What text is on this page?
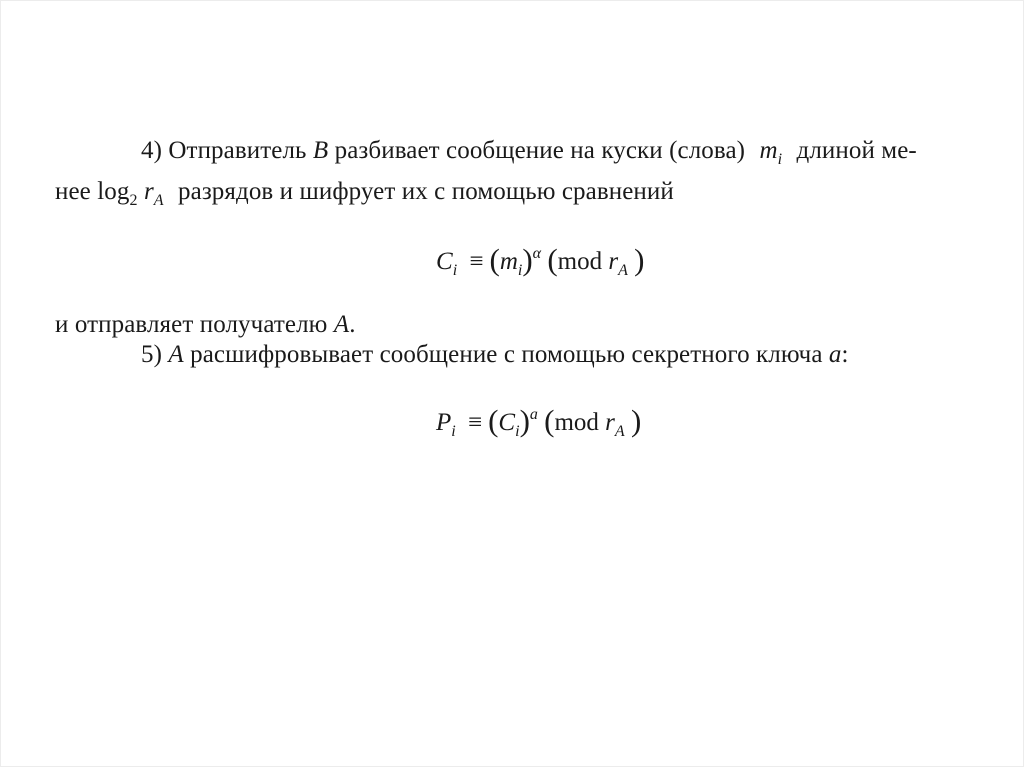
4) Отправитель B разбивает сообщение на куски (слова) $m_i$ длиной ме-
нее $\log_2 r_A$ разрядов и шифрует их с помощью сравнений
$C_i \equiv (m_i)^\alpha$ (mod $r_A$ )
и отправляет получателю A.
5) A расшифровывает сообщение с помощью секретного ключа a:
$P_i \equiv (C_i)^a$ (mod $r_A$ )
